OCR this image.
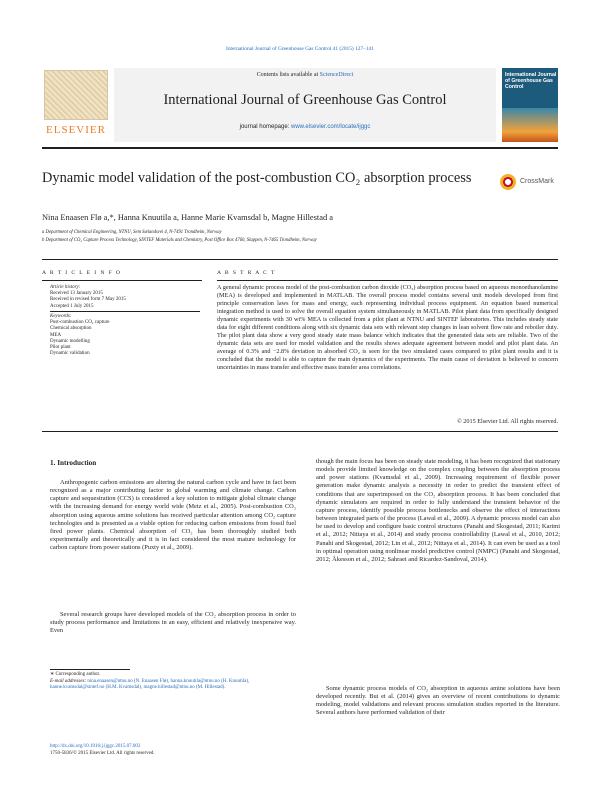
International Journal of Greenhouse Gas Control 41 (2015) 127–141
ELSEVIER
Contents lists available at ScienceDirect
International Journal of Greenhouse Gas Control
journal homepage: www.elsevier.com/locate/ijggc
International Journal of Greenhouse Gas Control
Dynamic model validation of the post-combustion CO₂ absorption process	CrossMark
Nina Enaasen Flø a,*, Hanna Knuutila a, Hanne Marie Kvamsdal b, Magne Hillestad a
a Department of Chemical Engineering, NTNU, Sem Sælandsvei 4, N-7491 Trondheim, Norway
b Department of CO₂ Capture Process Technology, SINTEF Materials and Chemistry, Post Office Box 4760, Sluppen, N-7465 Trondheim, Norway
A R T I C L E I N F O	A B S T R A C T
Article history:
Received 13 January 2015
Received in revised form 7 May 2015
Accepted 1 July 2015
Keywords:
Post-combustion CO₂ capture
Chemical absorption
MEA
Dynamic modelling
Pilot plant
Dynamic validation
A general dynamic process model of the post-combustion carbon dioxide (CO₂) absorption process based on aqueous monoethanolamine (MEA) is developed and implemented in MATLAB. The overall process model contains several unit models developed from first principle conservation laws for mass and energy, each representing individual process equipment. An equation based numerical integration method is used to solve the overall equation system simultaneously in MATLAB. Pilot plant data from specifically designed dynamic experiments with 30 wt% MEA is collected from a pilot plant at NTNU and SINTEF laboratories. This includes steady state data for eight different conditions along with six dynamic data sets with relevant step changes in lean solvent flow rate and reboiler duty. The pilot plant data show a very good steady state mass balance which indicates that the generated data sets are reliable. Two of the dynamic data sets are used for model validation and the results shows adequate agreement between model and pilot plant data. An average of 0.3% and −2.8% deviation in absorbed CO₂ is seen for the two simulated cases compared to pilot plant results and it is concluded that the model is able to capture the main dynamics of the experiments. The main cause of deviation is believed to concern uncertainties in mass transfer and effective mass transfer area correlations.
© 2015 Elsevier Ltd. All rights reserved.
1. Introduction
Anthropogenic carbon emissions are altering the natural carbon cycle and have in fact been recognized as a major contributing factor to global warming and climate change. Carbon capture and sequestration (CCS) is considered a key solution to mitigate global climate change with the increasing demand for energy world wide (Metz et al., 2005). Post-combustion CO₂ absorption using aqueous amine solutions has received particular attention among CO₂ capture technologies and is presented as a viable option for reducing carbon emissions from fossil fuel fired power plants. Chemical absorption of CO₂ has been thoroughly studied both experimentally and theoretically and it is in fact considered the most mature technology for carbon capture from power stations (Puxty et al., 2009).
Several research groups have developed models of the CO₂ absorption process in order to study process performance and limitations in an easy, efficient and relatively inexpensive way. Even
though the main focus has been on steady state modeling, it has been recognized that stationary models provide limited knowledge on the complex coupling between the absorption process and power stations (Kvamsdal et al., 2009). Increasing requirement of flexible power generation make dynamic analysis a necessity in order to predict the transient effect of conditions that are superimposed on the CO₂ absorption process. It has been concluded that dynamic simulators are required in order to fully understand the transient behavior of the capture process, identify possible process bottlenecks and observe the effect of interactions between integrated parts of the process (Lawal et al., 2009). A dynamic process model can also be used to develop and configure basic control structures (Panahi and Skogestad, 2011; Karimi et al., 2012; Nittaya et al., 2014) and study process controllability (Lawal et al., 2010, 2012; Panahi and Skogestad, 2012; Lin et al., 2012; Nittaya et al., 2014). It can even be used as a tool in optimal operation using nonlinear model predictive control (NMPC) (Panahi and Skogestad, 2012; Åkesson et al., 2012; Sahraei and Ricardez-Sandoval, 2014).
Some dynamic process models of CO₂ absorption in aqueous amine solutions have been developed recently. Bui et al. (2014) gives an overview of recent contributions to dynamic modeling, model validations and relevant process simulation studies reported in the literature. Several authors have performed validation of their
∗ Corresponding author.
E-mail addresses: nina.enaasen@ntnu.no (N. Enaasen Flø), hanna.knuutila@ntnu.no (H. Knuutila), hanne.kvamsdal@sintef.no (H.M. Kvamsdal), magne.hillestad@ntnu.no (M. Hillestad).
http://dx.doi.org/10.1016/j.ijggc.2015.07.003
1750-5836/© 2015 Elsevier Ltd. All rights reserved.
